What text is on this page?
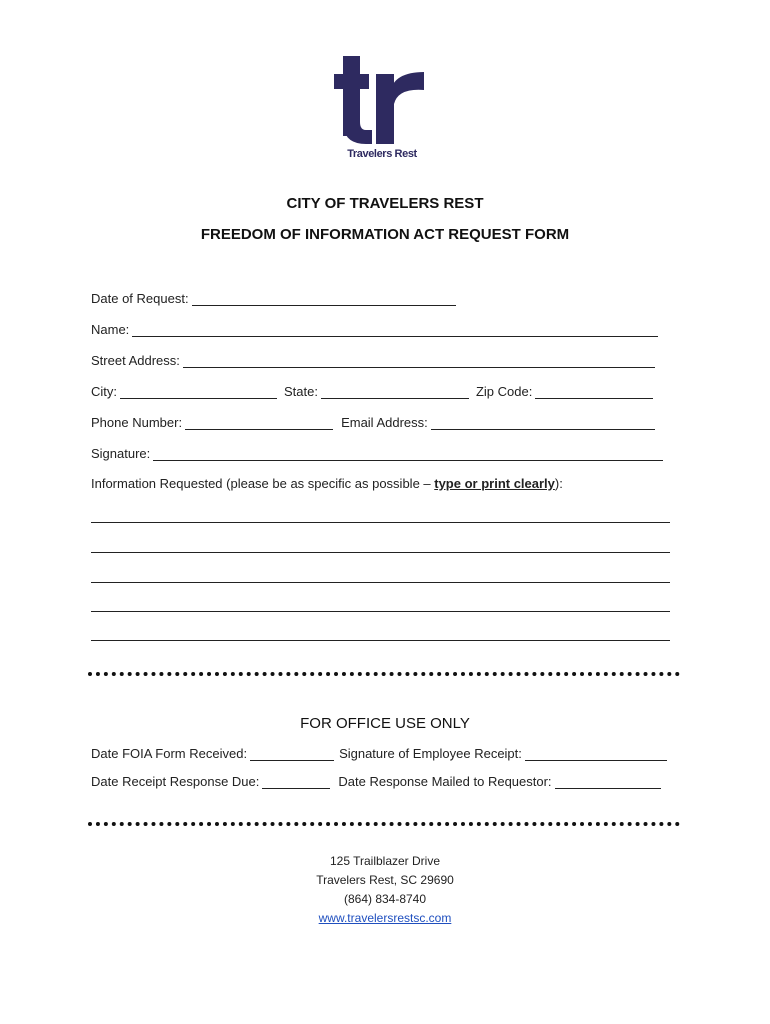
Travelers Rest
CITY OF TRAVELERS REST
FREEDOM OF INFORMATION ACT REQUEST FORM
Date of Request:
Name:
Street Address:
City:	State:	Zip Code:
Phone Number:	Email Address:
Signature:
Information Requested (please be as specific as possible – type or print clearly):
FOR OFFICE USE ONLY
Date FOIA Form Received:	Signature of Employee Receipt:
Date Receipt Response Due:	Date Response Mailed to Requestor:
125 Trailblazer Drive
Travelers Rest, SC 29690
(864) 834-8740
www.travelersrestsc.com
